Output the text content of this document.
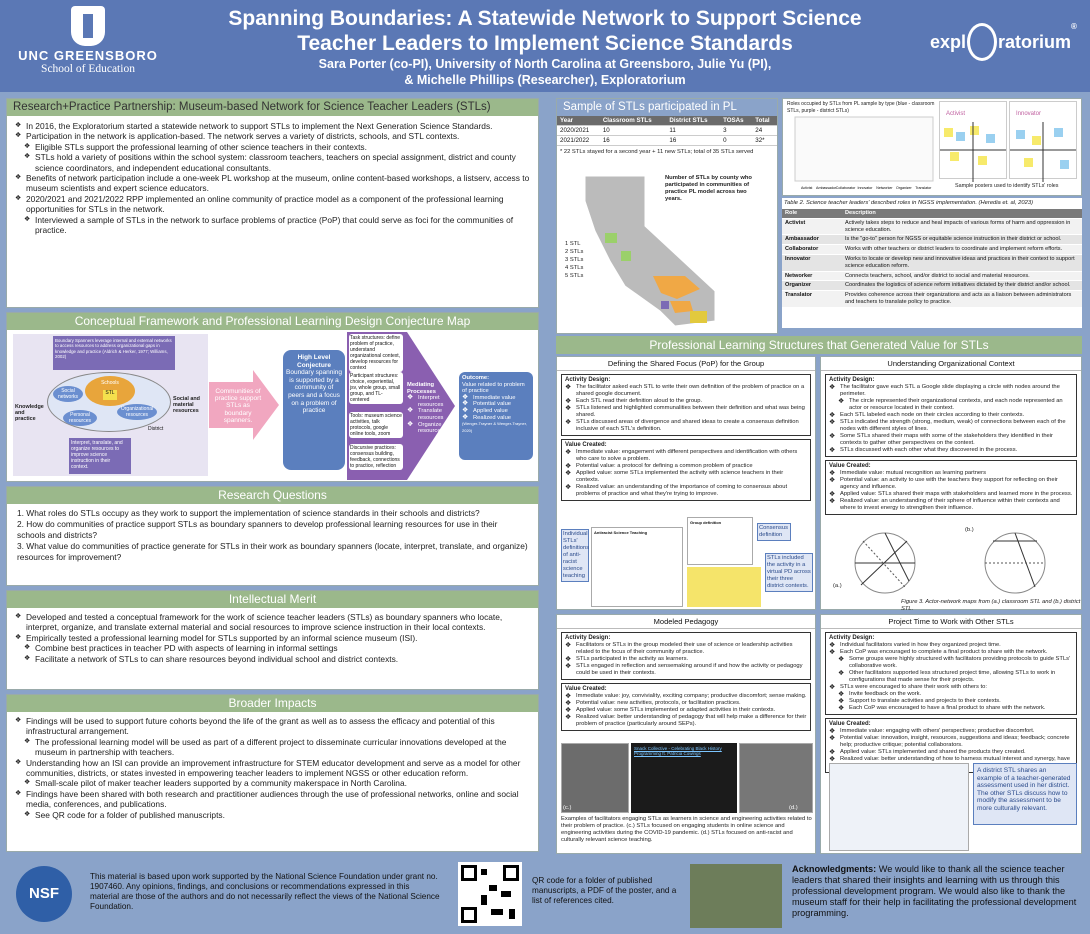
UNC GREENSBORO
School of Education
Spanning Boundaries: A Statewide Network to Support Science
Teacher Leaders to Implement Science Standards
Sara Porter (co-PI), University of North Carolina at Greensboro, Julie Yu (PI),
& Michelle Phillips (Researcher), Exploratorium
expl ratorium
®
Research+Practice Partnership: Museum-based Network for Science Teacher Leaders (STLs)
❖ In 2016, the Exploratorium started a statewide network to support STLs to implement the Next Generation Science Standards.
❖ Participation in the network is application-based. The network serves a variety of districts, schools, and STL contexts.
❖ Eligible STLs support the professional learning of other science teachers in their contexts.
❖ STLs hold a variety of positions within the school system: classroom teachers, teachers on special assignment, district and county science coordinators, and independent educational consultants.
❖ Benefits of network participation include a one-week PL workshop at the museum, online content-based workshops, a listserv, access to museum scientists and expert science educators.
❖ 2020/2021 and 2021/2022 RPP implemented an online community of practice model as a component of the professional learning opportunities for STLs in the network.
❖ Interviewed a sample of STLs in the network to surface problems of practice (PoP) that could serve as foci for the communities of practice.
Conceptual Framework and Professional Learning Design Conjecture Map
Boundary Spanners leverage internal and external networks to access resources to address organizational gaps in knowledge and practice (Aldrich & Herker, 1977; Williams, 2002)
Knowledge and practice
Social and material resources
Schools
Social networks
STL
Personal resources
Organizational resources
District
Interpret, translate, and organize resources to improve science instruction in their context.
Communities of practice support STLs as boundary spanners.
High Level Conjecture
Boundary spanning is supported by a community of peers and a focus on a problem of practice
Task structures: define problem of practice, understand organizational context, develop resources for context
Participant structures: choice, experiential, jsv, whole group, small group, and TL-centered
Tools: museum science activities, talk protocols, google online tools, zoom
Discursive practices: consensus building, feedback, connections to practice, reflection
Mediating Processes
❖ Interpret resources
❖ Translate resources
❖ Organize resources
Outcome:
Value related to problem of practice
❖ Immediate value
❖ Potential value
❖ Applied value
❖ Realized value
(Wenger-Trayner & Wenger-Trayner, 2020)
Research Questions
1. What roles do STLs occupy as they work to support the implementation of science standards in their schools and districts?
2. How do communities of practice support STLs as boundary spanners to develop professional learning resources for use in their schools and districts?
3. What value do communities of practice generate for STLs in their work as boundary spanners (locate, interpret, translate, and organize) resources for improvement?
Intellectual Merit
❖ Developed and tested a conceptual framework for the work of science teacher leaders (STLs) as boundary spanners who locate, interpret, organize, and translate external material and social resources to improve science instruction in their local contexts.
❖ Empirically tested a professional learning model for STLs supported by an informal science museum (ISI).
❖ Combine best practices in teacher PD with aspects of learning in informal settings
❖ Facilitate a network of STLs to can share resources beyond individual school and district contexts.
Broader Impacts
❖ Findings will be used to support future cohorts beyond the life of the grant as well as to assess the efficacy and potential of this infrastructural arrangement.
❖ The professional learning model will be used as part of a different project to disseminate curricular innovations developed at the museum in partnership with teachers.
❖ Understanding how an ISI can provide an improvement infrastructure for STEM educator development and serve as a model for other communities, districts, or states invested in empowering teacher leaders to implement NGSS or other education reform.
❖ Small-scale pilot of maker teacher leaders supported by a community makerspace in North Carolina.
❖ Findings have been shared with both research and practitioner audiences through the use of professional networks, online and social media, conferences, and publications.
❖ See QR code for a folder of published manuscripts.
Sample of STLs participated in PL
Year	Classroom STLs	District STLs	TOSAs	Total
2020/2021	10	11	3	24
2021/2022	16	16	0	32*
* 22 STLs stayed for a second year + 11 new STLs; total of 35 STLs served
Number of STLs by county who participated in communities of practice PL model across two years.
1 STL
2 STLs
3 STLs
4 STLs
5 STLs
Roles occupied by STLs from PL sample by type (blue - classroom STLs, purple - district STLs)
Activist Ambassador Collaborator Innovator Networker Organizer Translator
Activist	Innovator
Sample posters used to identify STLs' roles
Table 2. Science teacher leaders' described roles in NGSS implementation. (Heredia et. al, 2023)
Role	Description
Activist	Actively takes steps to reduce and heal impacts of various forms of harm and oppression in science education.
Ambassador	Is the "go-to" person for NGSS or equitable science instruction in their district or school.
Collaborator	Works with other teachers or district leaders to coordinate and implement reform efforts.
Innovator	Works to locate or develop new and innovative ideas and practices in their context to support science education reform.
Networker	Connects teachers, school, and/or district to social and material resources.
Organizer	Coordinates the logistics of science reform initiatives dictated by their district and/or school.
Translator	Provides coherence across their organizations and acts as a liaison between administrators and teachers to translate policy to practice.
Professional Learning Structures that Generated Value for STLs
Defining the Shared Focus (PoP) for the Group
Activity Design:
❖ The facilitator asked each STL to write their own definition of the problem of practice on a shared google document.
❖ Each STL read their definition aloud to the group.
❖ STLs listened and highlighted communalities between their definition and what was being shared.
❖ STLs discussed areas of divergence and shared ideas to create a consensus definition inclusive of each STL's definition.
Value Created:
❖ Immediate value: engagement with different perspectives and identification with others who care to solve a problem.
❖ Potential value: a protocol for defining a common problem of practice
❖ Applied value: some STLs implemented the activity with science teachers in their contexts.
❖ Realized value: an understanding of the importance of coming to consensus about problems of practice and what they're trying to improve.
Individual STLs' definitions of anti-racist science teaching
Antiracist Science Teaching
Group definition
Consensus definition
STLs included the activity in a virtual PD across their three district contexts.
Understanding Organizational Context
Activity Design:
❖ The facilitator gave each STL a Google slide displaying a circle with nodes around the perimeter.
❖ The circle represented their organizational contexts, and each node represented an actor or resource located in their context.
❖ Each STL labeled each node on their circles according to their contexts.
❖ STLs indicated the strength (strong, medium, weak) of connections between each of the nodes with different styles of lines.
❖ Some STLs shared their maps with some of the stakeholders they identified in their contexts to gather other perspectives on the context.
❖ STLs discussed with each other what they discovered in the process.
Value Created:
❖ Immediate value: mutual recognition as learning partners
❖ Potential value: an activity to use with the teachers they support for reflecting on their agency and influence.
❖ Applied value: STLs shared their maps with stakeholders and learned more in the process.
❖ Realized value: an understanding of their sphere of influence within their contexts and where to invest energy to strengthen their influence.
(a.)
(b.)
Figure 3. Actor-network maps from (a.) classroom STL and (b.) district STL.
Modeled Pedagogy
Activity Design:
❖ Facilitators or STLs in the group modeled their use of science or leadership activities related to the focus of their community of practice.
❖ STLs participated in the activity as learners.
❖ STLs engaged in reflection and sensemaking around if and how the activity or pedagogy could be used in their contexts.
Value Created:
❖ Immediate value: joy, conviviality, exciting company; productive discomfort; sense making.
❖ Potential value: new activities, protocols, or facilitation practices.
❖ Applied value: some STLs implemented or adapted activities in their contexts.
❖ Realized value: better understanding of pedagogy that will help make a difference for their problem of practice (particularly around SEPs).
Snack Collective - Celebrating Black History Programming ft. Patricia Cowings
(c.)	(d.)
Examples of facilitators engaging STLs as learners in science and engineering activities related to their problem of practice. (c.) STLs focused on engaging students in online science and engineering activities during the COVID-19 pandemic. (d.) STLs focused on anti-racist and culturally relevant science teaching.
Project Time to Work with Other STLs
Activity Design:
❖ Individual facilitators varied in how they organized project time.
❖ Each CoP was encouraged to complete a final product to share with the network.
❖ Some groups were highly structured with facilitators providing protocols to guide STLs' collaborative work.
❖ Other facilitators supported less structured project time, allowing STLs to work in configurations that made sense for their projects.
❖ STLs were encouraged to share their work with others to:
❖ Invite feedback on the work.
❖ Support to translate activities and projects to their contexts.
❖ Each CoP was encouraged to have a final product to share with the network.
Value Created:
❖ Immediate value: engaging with others' perspectives; productive discomfort.
❖ Potential value: innovation, insight, resources, suggestions and ideas; feedback; concrete help; productive critique; potential collaborators.
❖ Applied value: STLs implemented and shared the products they created.
❖ Realized value: better understanding of how to harness mutual interest and synergy, have
A district STL shares an example of a teacher-generated assessment used in her district. The other STLs discuss how to modify the assessment to be more culturally relevant.
NSF
This material is based upon work supported by the National Science Foundation under grant no. 1907460. Any opinions, findings, and conclusions or recommendations expressed in this material are those of the authors and do not necessarily reflect the views of the National Science Foundation.
QR code for a folder of published manuscripts, a PDF of the poster, and a list of references cited.
Acknowledgments: We would like to thank all the science teacher leaders that shared their insights and learning with us through this professional development program. We would also like to thank the museum staff for their help in facilitating the professional development programming.
